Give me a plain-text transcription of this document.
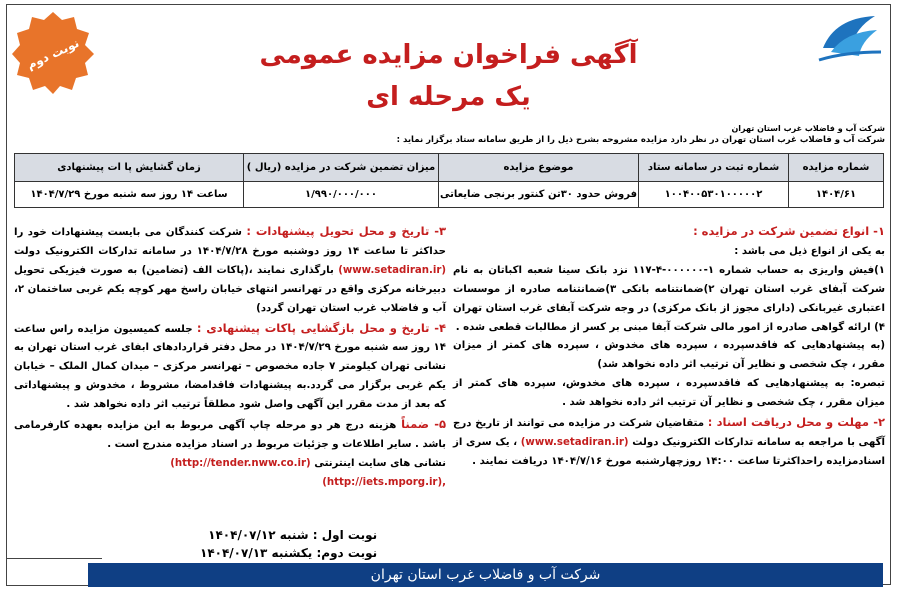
شرکت آب و فاضلاب غرب استان تهران
شرکت آب و فاضلاب غرب استان تهران در نظر دارد مزایده مشروحه بشرح ذیل را از طریق سامانه ستاد برگزار نماید :
نوبت دوم	آگهی فراخوان مزایده عمومی
یک مرحله ای
شماره مزایده	شماره ثبت در سامانه ستاد	موضوع مزایده	میزان تضمین شرکت در مزایده (ریال )	زمان گشایش پا ات پیشنهادی
۱۴۰۴/۶۱	۱۰۰۴۰۰۵۳۰۱۰۰۰۰۰۲	فروش حدود ۳۰تن کنتور برنجی ضایعاتی	۱/۹۹۰/۰۰۰/۰۰۰	ساعت ۱۴ روز سه شنبه مورخ ۱۴۰۴/۷/۲۹
۱- انواع تضمین شرکت در مزایده :
به یکی از انواع ذیل می باشد :
۱)فیش واریزی به حساب شماره ۱-۰۰۰۰۰۰-۴-۱۱۷ نزد بانک سینا شعبه اکباتان به نام شرکت آبفای غرب استان تهران ۲)ضمانتنامه بانکی ۳)ضمانتنامه صادره از موسسات اعتباری غیربانکی (دارای مجوز از بانک مرکزی) در وجه شرکت آبفای غرب استان تهران ۴) ارائه گواهی صادره از امور مالی شرکت آبفا مبنی بر کسر از مطالبات قطعی شده .
(به پیشنهادهایی که فاقدسپرده ، سپرده های مخدوش ، سپرده های کمتر از میزان مقرر ، چک شخصی و نظایر آن ترتیب اثر داده نخواهد شد)
تبصره: به پیشنهادهایی که فاقدسپرده ، سپرده های مخدوش، سپرده های کمتر از میزان مقرر ، چک شخصی و نظایر آن ترتیب اثر داده نخواهد شد .
۲- مهلت و محل دریافت اسناد : متقاضیان شرکت در مزایده می توانند از تاریخ درج آگهی با مراجعه به سامانه تدارکات الکترونیک دولت (www.setadiran.ir) ، یک سری از اسنادمزایده راحداکثرتا ساعت ۱۴:۰۰ روزچهارشنبه مورخ ۱۴۰۴/۷/۱۶ دریافت نمایند .
۳- تاریخ و محل تحویل پیشنهادات : شرکت کنندگان می بایست پیشنهادات خود را حداکثر تا ساعت ۱۴ روز دوشنبه مورخ ۱۴۰۴/۷/۲۸ در سامانه تدارکات الکترونیک دولت (www.setadiran.ir) بارگذاری نمایند ،(پاکات الف (تضامین) به صورت فیزیکی تحویل دبیرخانه مرکزی واقع در تهرانسر انتهای خیابان راسخ مهر کوچه یکم غربی ساختمان ۲، آب و فاضلاب غرب استان تهران گردد)
۴- تاریخ و محل بازگشایی پاکات پیشنهادی : جلسه کمیسیون مزایده راس ساعت ۱۴ روز سه شنبه مورخ ۱۴۰۴/۷/۲۹ در محل دفتر قراردادهای ابفای غرب استان تهران به نشانی تهران کیلومتر ۷ جاده مخصوص – تهرانسر مرکزی – میدان کمال الملک – خیابان یکم غربی برگزار می گردد.به پیشنهادات فاقدامضا، مشروط ، مخدوش و پیشنهاداتی که بعد از مدت مقرر این آگهی واصل شود مطلقاً ترتیب اثر داده نخواهد شد .
۵- ضمناً هزینه درج هر دو مرحله چاپ آگهی مربوط به این مزایده بعهده کارفرمامی باشد . سایر اطلاعات و جزئیات مربوط در اسناد مزایده مندرج است .
نشانی های سایت اینترنتی (http://tender.nww.co.ir)
(http://iets.mporg.ir),
نوبت اول : شنبه ۱۴۰۴/۰۷/۱۲
نوبت دوم: یکشنبه ۱۴۰۴/۰۷/۱۳
شرکت آب و فاضلاب غرب استان تهران
